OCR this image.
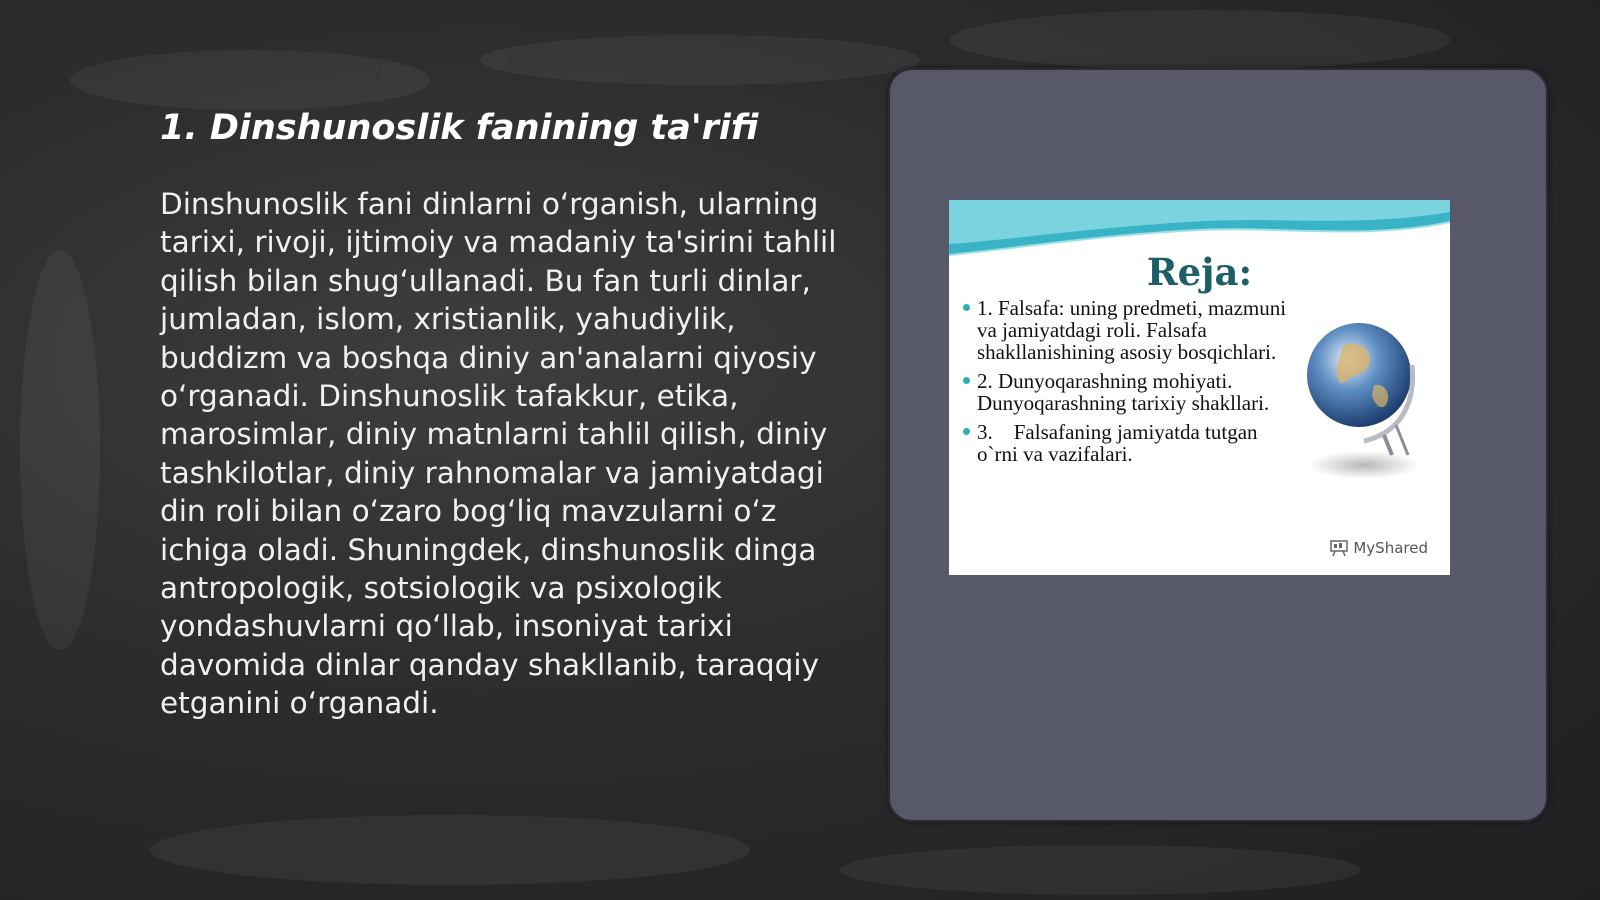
1. Dinshunoslik fanining ta'rifi

Dinshunoslik fani dinlarni oʻrganish, ularning tarixi, rivoji, ijtimoiy va madaniy ta'sirini tahlil qilish bilan shugʻullanadi. Bu fan turli dinlar, jumladan, islom, xristianlik, yahudiylik, buddizm va boshqa diniy an'analarni qiyosiy oʻrganadi. Dinshunoslik tafakkur, etika, marosimlar, diniy matnlarni tahlil qilish, diniy tashkilotlar, diniy rahnomalar va jamiyatdagi din roli bilan oʻzaro bogʻliq mavzularni oʻz ichiga oladi. Shuningdek, dinshunoslik dinga antropologik, sotsiologik va psixologik yondashuvlarni qoʻllab, insoniyat tarixi davomida dinlar qanday shakllanib, taraqqiy etganini oʻrganadi.

Reja:
1. Falsafa: uning predmeti, mazmuni va jamiyatdagi roli. Falsafa shakllanishining asosiy bosqichlari.
2. Dunyoqarashning mohiyati. Dunyoqarashning tarixiy shakllari.
3.    Falsafaning jamiyatda tutgan o`rni va vazifalari.
MyShared
